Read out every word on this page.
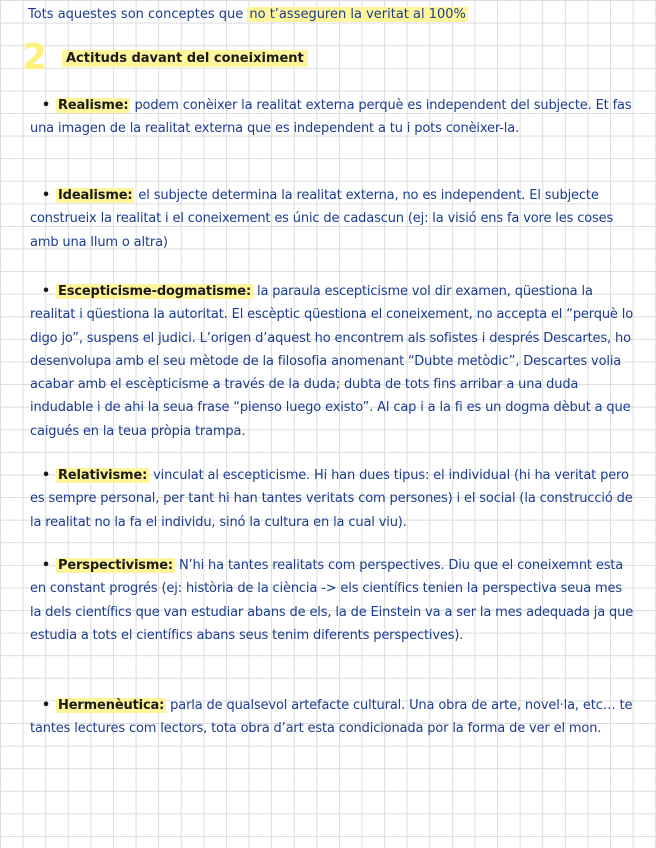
Tots aquestes son conceptes que no t’asseguren la veritat al 100%
2	Actituds davant del coneiximent
• Realisme: podem conèixer la realitat externa perquè es independent del subjecte. Et fas una imagen de la realitat externa que es independent a tu i pots conèixer-la.
• Idealisme: el subjecte determina la realitat externa, no es independent. El subjecte construeix la realitat i el coneixement es únic de cadascun (ej: la visió ens fa vore les coses amb una llum o altra)
• Escepticisme-dogmatisme: la paraula escepticisme vol dir examen, qüestiona la realitat i qüestiona la autoritat. El escèptic qüestiona el coneixement, no accepta el “perquè lo digo jo”, suspens el judici. L’origen d’aquest ho encontrem als sofistes i després Descartes, ho desenvolupa amb el seu mètode de la filosofia anomenant “Dubte metòdic”, Descartes volia acabar amb el escèpticisme a través de la duda; dubta de tots fins arribar a una duda indudable i de ahi la seua frase “pienso luego existo”. Al cap i a la fi es un dogma dèbut a que caigués en la teua pròpia trampa.
• Relativisme: vinculat al escepticisme. Hi han dues tipus: el individual (hi ha veritat pero es sempre personal, per tant hi han tantes veritats com persones) i el social (la construcció de la realitat no la fa el individu, sinó la cultura en la cual viu).
• Perspectivisme: N’hi ha tantes realitats com perspectives. Diu que el coneixemnt esta en constant progrés (ej: història de la ciència -> els científics tenien la perspectiva seua mes la dels científics que van estudiar abans de els, la de Einstein va a ser la mes adequada ja que estudia a tots el científics abans seus tenim diferents perspectives).
• Hermenèutica: parla de qualsevol artefacte cultural. Una obra de arte, novel·la, etc… te tantes lectures com lectors, tota obra d’art esta condicionada por la forma de ver el mon.
